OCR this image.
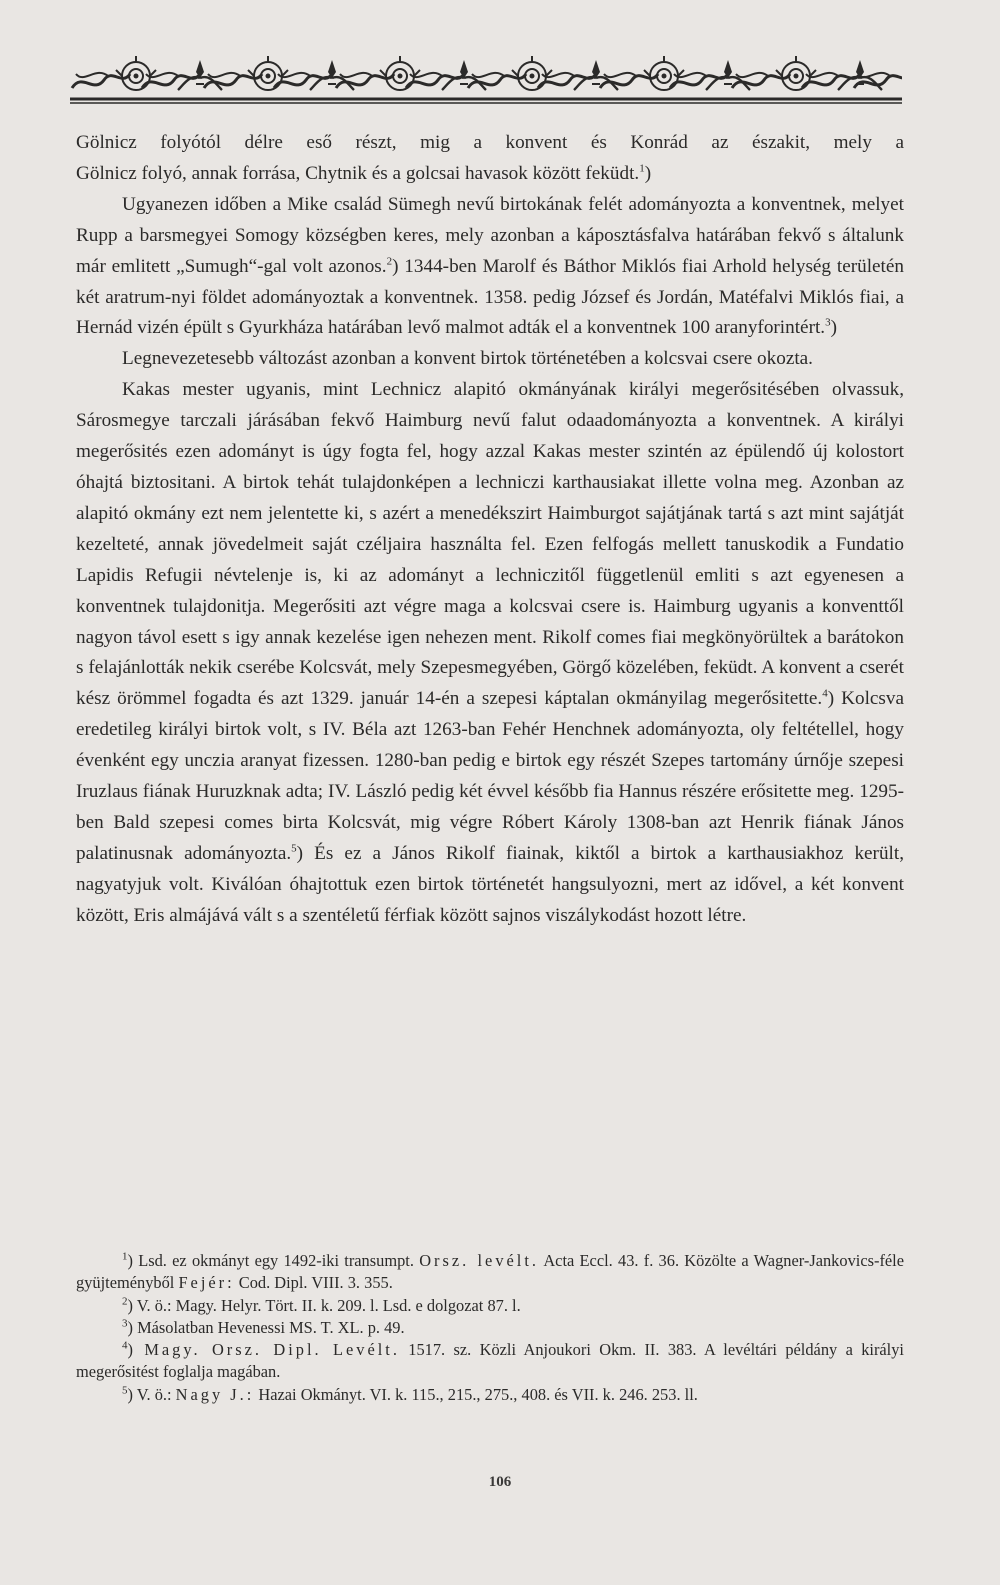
Gölnicz folyótól délre eső részt, mig a konvent és Konrád az északit, mely a

Gölnicz folyó, annak forrása, Chytnik és a golcsai havasok között feküdt.$^1$)

Ugyanezen időben a Mike család Sümegh nevű birtokának felét adományozta a konventnek, melyet Rupp a barsmegyei Somogy községben keres, mely azonban a káposztásfalva határában fekvő s általunk már emlitett „Sumugh“-gal volt azonos.$^2$) 1344-ben Marolf és Báthor Miklós fiai Arhold helység területén két aratrum-nyi földet adományoztak a konventnek. 1358. pedig József és Jordán, Matéfalvi Miklós fiai, a Hernád vizén épült s Gyurkháza határában levő malmot adták el a konventnek 100 aranyforintért.$^3$)

Legnevezetesebb változást azonban a konvent birtok történetében a kolcsvai csere okozta.

Kakas mester ugyanis, mint Lechnicz alapitó okmányának királyi megerősitésében olvassuk, Sárosmegye tarczali járásában fekvő Haimburg nevű falut odaadományozta a konventnek. A királyi megerősités ezen adományt is úgy fogta fel, hogy azzal Kakas mester szintén az épülendő új kolostort óhajtá biztositani. A birtok tehát tulajdonképen a lechniczi karthausiakat illette volna meg. Azonban az alapitó okmány ezt nem jelentette ki, s azért a menedékszirt Haimburgot sajátjának tartá s azt mint sajátját kezelteté, annak jövedelmeit saját czéljaira használta fel. Ezen felfogás mellett tanuskodik a Fundatio Lapidis Refugii névtelenje is, ki az adományt a lechniczitől függetlenül emliti s azt egyenesen a konventnek tulajdonitja. Megerősiti azt végre maga a kolcsvai csere is. Haimburg ugyanis a konventtől nagyon távol esett s igy annak kezelése igen nehezen ment. Rikolf comes fiai megkönyörültek a barátokon s felajánlották nekik cserébe Kolcsvát, mely Szepesmegyében, Görgő közelében, feküdt. A konvent a cserét kész örömmel fogadta és azt 1329. január 14-én a szepesi káptalan okmányilag megerősitette.$^4$) Kolcsva eredetileg királyi birtok volt, s IV. Béla azt 1263-ban Fehér Henchnek adományozta, oly feltétellel, hogy évenként egy unczia aranyat fizessen. 1280-ban pedig e birtok egy részét Szepes tartomány úrnője szepesi Iruzlaus fiának Huruzknak adta; IV. László pedig két évvel később fia Hannus részére erősitette meg. 1295-ben Bald szepesi comes birta Kolcsvát, mig végre Róbert Károly 1308-ban azt Henrik fiának János palatinusnak adományozta.$^5$) És ez a János Rikolf fiainak, kiktől a birtok a karthausiakhoz került, nagyatyjuk volt. Kiválóan óhajtottuk ezen birtok történetét hangsulyozni, mert az idővel, a két konvent között, Eris almájává vált s a szentéletű férfiak között sajnos viszálykodást hozott létre.

$^1$) Lsd. ez okmányt egy 1492-iki transumpt. Orsz. levélt. Acta Eccl. 43. f. 36. Közölte a Wagner-Jankovics-féle gyüjteményből Fejér: Cod. Dipl. VIII. 3. 355.

$^2$) V. ö.: Magy. Helyr. Tört. II. k. 209. l. Lsd. e dolgozat 87. l.

$^3$) Másolatban Hevenessi MS. T. XL. p. 49.

$^4$) Magy. Orsz. Dipl. Levélt. 1517. sz. Közli Anjoukori Okm. II. 383. A levéltári példány a királyi megerősitést foglalja magában.

$^5$) V. ö.: Nagy J.: Hazai Okmányt. VI. k. 115., 215., 275., 408. és VII. k. 246. 253. ll.

106
